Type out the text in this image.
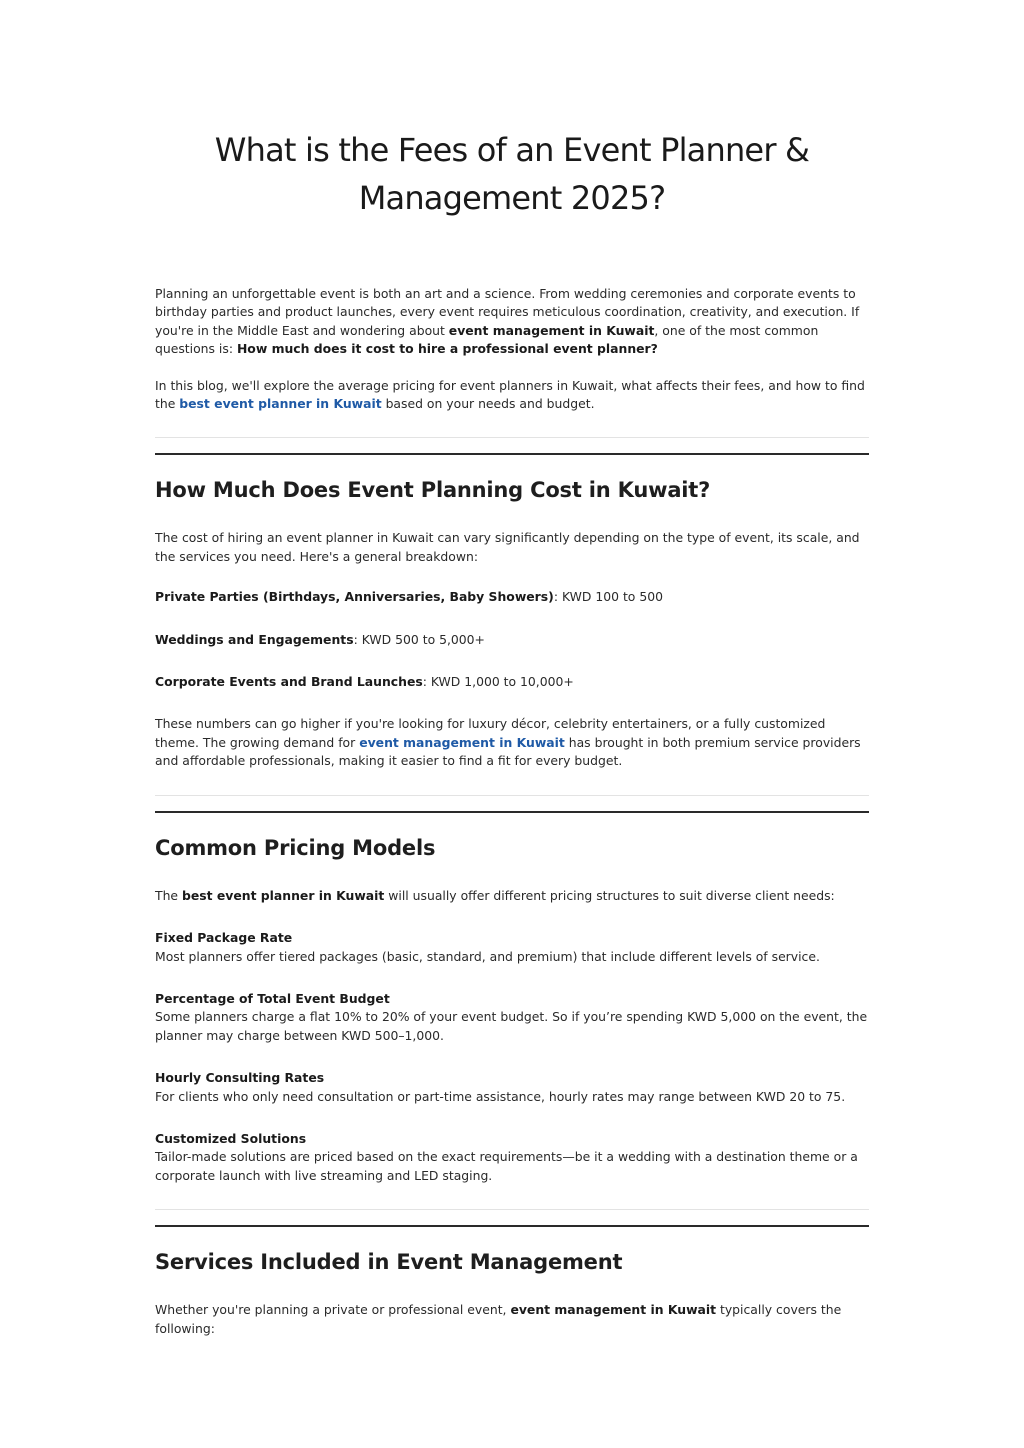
What is the Fees of an Event Planner & Management 2025?

Planning an unforgettable event is both an art and a science. From wedding ceremonies and corporate events to birthday parties and product launches, every event requires meticulous coordination, creativity, and execution. If you're in the Middle East and wondering about event management in Kuwait, one of the most common questions is: How much does it cost to hire a professional event planner?

In this blog, we'll explore the average pricing for event planners in Kuwait, what affects their fees, and how to find the best event planner in Kuwait based on your needs and budget.

How Much Does Event Planning Cost in Kuwait?

The cost of hiring an event planner in Kuwait can vary significantly depending on the type of event, its scale, and the services you need. Here's a general breakdown:

Private Parties (Birthdays, Anniversaries, Baby Showers): KWD 100 to 500

Weddings and Engagements: KWD 500 to 5,000+

Corporate Events and Brand Launches: KWD 1,000 to 10,000+

These numbers can go higher if you're looking for luxury décor, celebrity entertainers, or a fully customized theme. The growing demand for event management in Kuwait has brought in both premium service providers and affordable professionals, making it easier to find a fit for every budget.

Common Pricing Models

The best event planner in Kuwait will usually offer different pricing structures to suit diverse client needs:

Fixed Package Rate
Most planners offer tiered packages (basic, standard, and premium) that include different levels of service.

Percentage of Total Event Budget
Some planners charge a flat 10% to 20% of your event budget. So if you’re spending KWD 5,000 on the event, the planner may charge between KWD 500–1,000.

Hourly Consulting Rates
For clients who only need consultation or part-time assistance, hourly rates may range between KWD 20 to 75.

Customized Solutions
Tailor-made solutions are priced based on the exact requirements—be it a wedding with a destination theme or a corporate launch with live streaming and LED staging.

Services Included in Event Management

Whether you're planning a private or professional event, event management in Kuwait typically covers the following:
